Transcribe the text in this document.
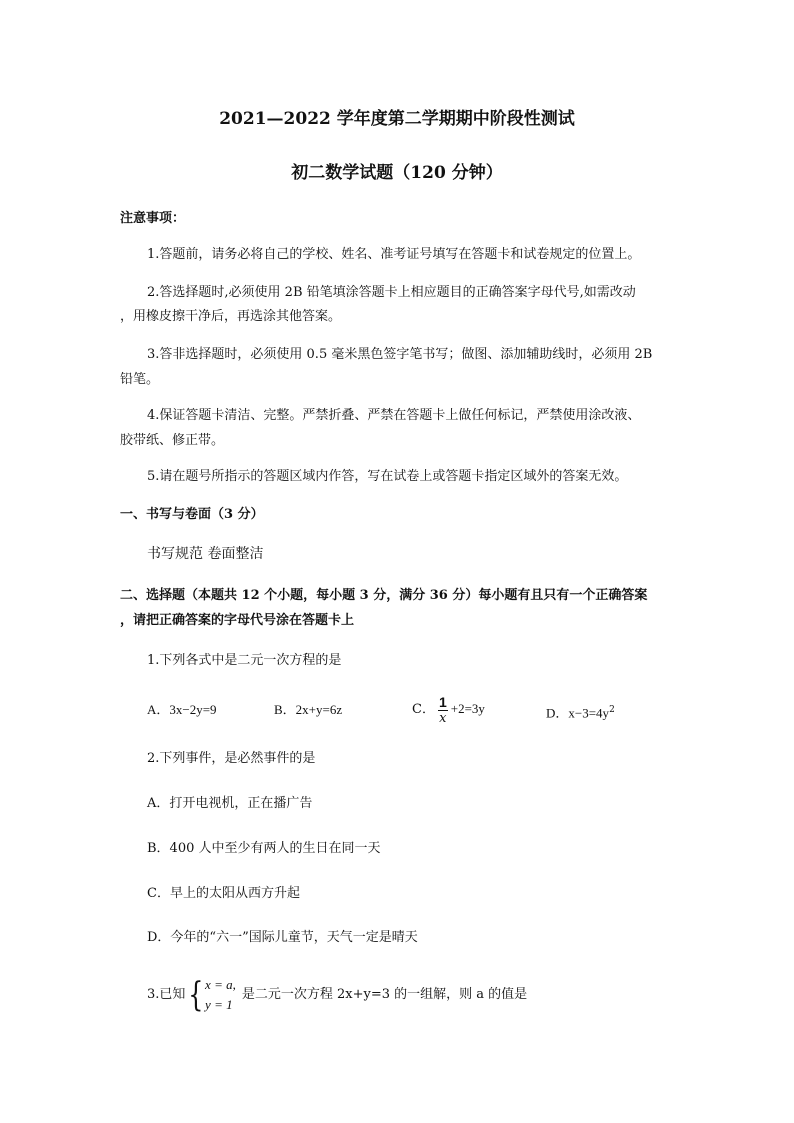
2021—2022 学年度第二学期期中阶段性测试
初二数学试题（120 分钟）
注意事项：
1.答题前，请务必将自己的学校、姓名、准考证号填写在答题卡和试卷规定的位置上。
2.答选择题时,必须使用 2B 铅笔填涂答题卡上相应题目的正确答案字母代号,如需改动
，用橡皮擦干净后，再选涂其他答案。
3.答非选择题时，必须使用 0.5 毫米黑色签字笔书写；做图、添加辅助线时，必须用 2B
铅笔。
4.保证答题卡清洁、完整。严禁折叠、严禁在答题卡上做任何标记，严禁使用涂改液、
胶带纸、修正带。
5.请在题号所指示的答题区域内作答，写在试卷上或答题卡指定区域外的答案无效。
一、书写与卷面（3 分）
书写规范 卷面整洁
二、选择题（本题共 12 个小题，每小题 3 分，满分 36 分）每小题有且只有一个正确答案
，请把正确答案的字母代号涂在答题卡上
1.下列各式中是二元一次方程的是
A．3x−2y=9	B．2x+y=6z	C． $\frac{1}{x} +2=3y$	D．$x-3=4y^2$
2.下列事件，是必然事件的是
A．打开电视机，正在播广告
B．400 人中至少有两人的生日在同一天
C．早上的太阳从西方升起
D．今年的“六一”国际儿童节，天气一定是晴天
3.已知{ x = a,
y = 1
是二元一次方程 2x+y=3 的一组解，则 a 的值是
